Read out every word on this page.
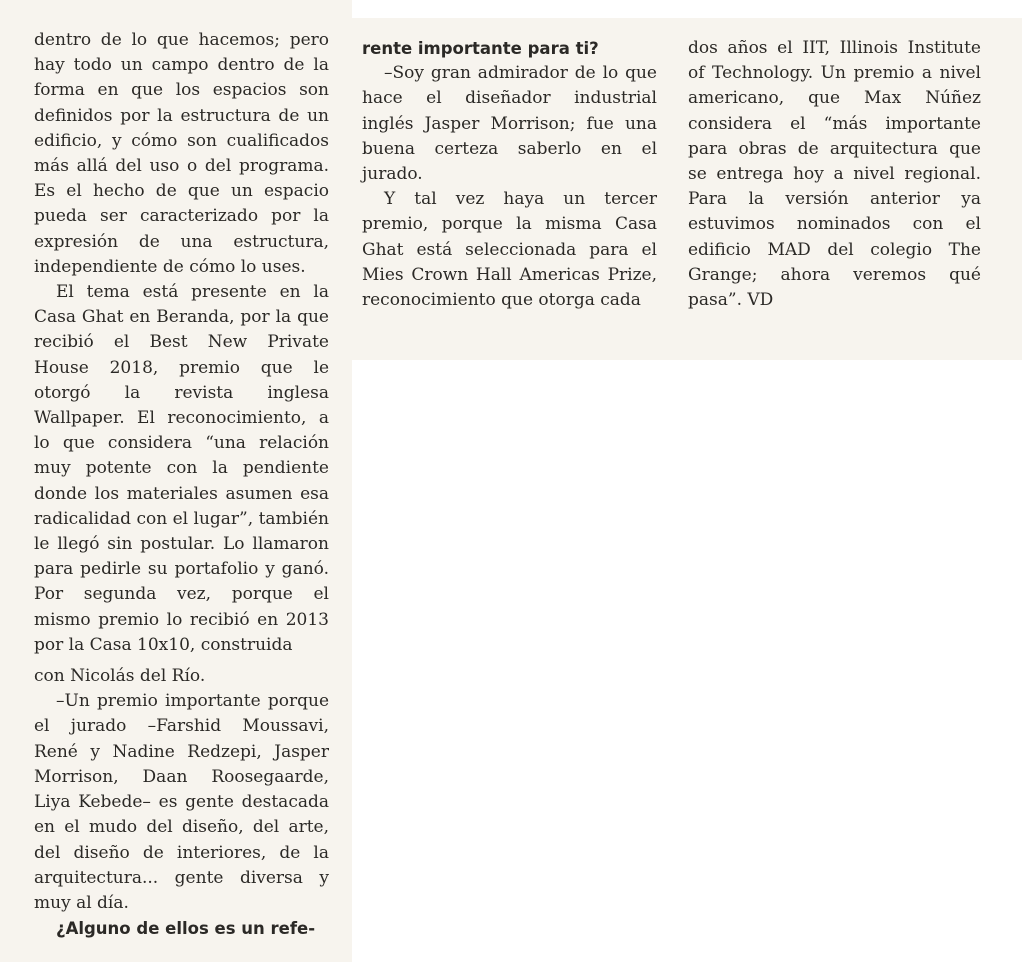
dentro de lo que hacemos; pero hay todo un campo dentro de la forma en que los espacios son definidos por la estructura de un edificio, y cómo son cualificados más allá del uso o del programa. Es el hecho de que un espacio pueda ser caracterizado por la expresión de una estructura, independiente de cómo lo uses.

El tema está presente en la Casa Ghat en Beranda, por la que recibió el Best New Private House 2018, premio que le otorgó la revista inglesa Wallpaper. El reconocimiento, a lo que considera “una relación muy potente con la pendiente donde los materiales asumen esa radicalidad con el lugar”, también le llegó sin postular. Lo llamaron para pedirle su portafolio y ganó. Por segunda vez, porque el mismo premio lo recibió en 2013 por la Casa 10x10, construida

con Nicolás del Río.

–Un premio importante porque el jurado –Farshid Moussavi, René y Nadine Redzepi, Jasper Morrison, Daan Roosegaarde, Liya Kebede– es gente destacada en el mudo del diseño, del arte, del diseño de interiores, de la arquitectura... gente diversa y muy al día.

¿Alguno de ellos es un refe-

rente importante para ti?

–Soy gran admirador de lo que hace el diseñador industrial inglés Jasper Morrison; fue una buena certeza saberlo en el jurado.

Y tal vez haya un tercer premio, porque la misma Casa Ghat está seleccionada para el Mies Crown Hall Americas Prize, reconocimiento que otorga cada

dos años el IIT, Illinois Institute of Technology. Un premio a nivel americano, que Max Núñez considera el “más importante para obras de arquitectura que se entrega hoy a nivel regional. Para la versión anterior ya estuvimos nominados con el edificio MAD del colegio The Grange; ahora veremos qué pasa”. VD
